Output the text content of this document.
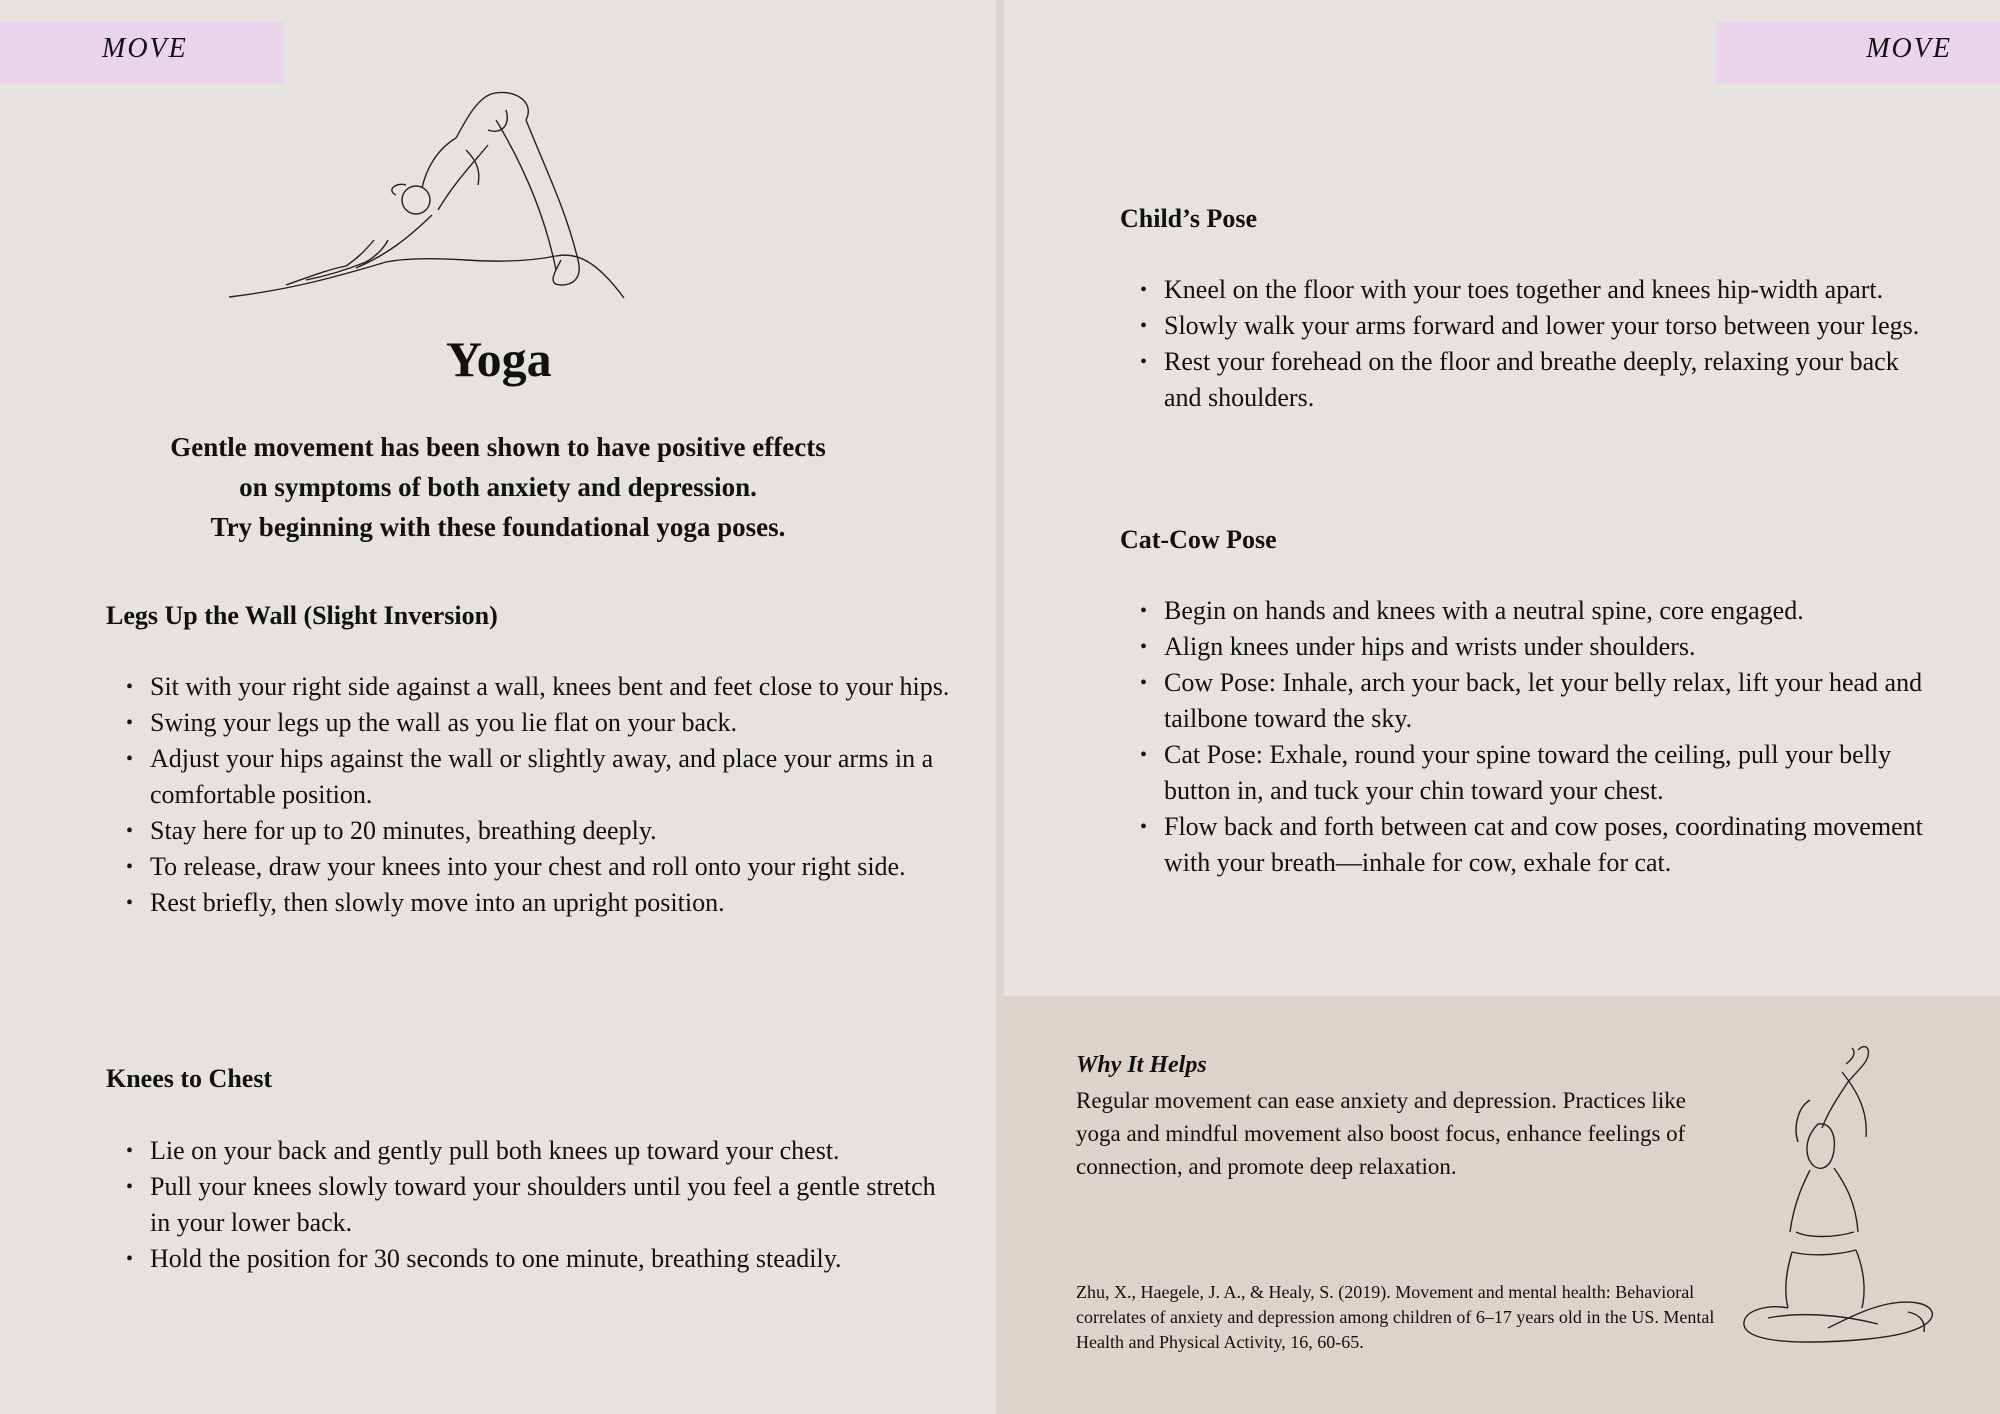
MOVE
Yoga
Gentle movement has been shown to have positive effects
on symptoms of both anxiety and depression.
Try beginning with these foundational yoga poses.
Legs Up the Wall (Slight Inversion)
• Sit with your right side against a wall, knees bent and feet close to your hips.
• Swing your legs up the wall as you lie flat on your back.
• Adjust your hips against the wall or slightly away, and place your arms in a comfortable position.
• Stay here for up to 20 minutes, breathing deeply.
• To release, draw your knees into your chest and roll onto your right side.
• Rest briefly, then slowly move into an upright position.
Knees to Chest
• Lie on your back and gently pull both knees up toward your chest.
• Pull your knees slowly toward your shoulders until you feel a gentle stretch in your lower back.
• Hold the position for 30 seconds to one minute, breathing steadily.
MOVE
Child’s Pose
• Kneel on the floor with your toes together and knees hip-width apart.
• Slowly walk your arms forward and lower your torso between your legs.
• Rest your forehead on the floor and breathe deeply, relaxing your back and shoulders.
Cat-Cow Pose
• Begin on hands and knees with a neutral spine, core engaged.
• Align knees under hips and wrists under shoulders.
• Cow Pose: Inhale, arch your back, let your belly relax, lift your head and tailbone toward the sky.
• Cat Pose: Exhale, round your spine toward the ceiling, pull your belly button in, and tuck your chin toward your chest.
• Flow back and forth between cat and cow poses, coordinating movement with your breath—inhale for cow, exhale for cat.
Why It Helps
Regular movement can ease anxiety and depression. Practices like yoga and mindful movement also boost focus, enhance feelings of connection, and promote deep relaxation.
Zhu, X., Haegele, J. A., & Healy, S. (2019). Movement and mental health: Behavioral correlates of anxiety and depression among children of 6–17 years old in the US. Mental Health and Physical Activity, 16, 60-65.
